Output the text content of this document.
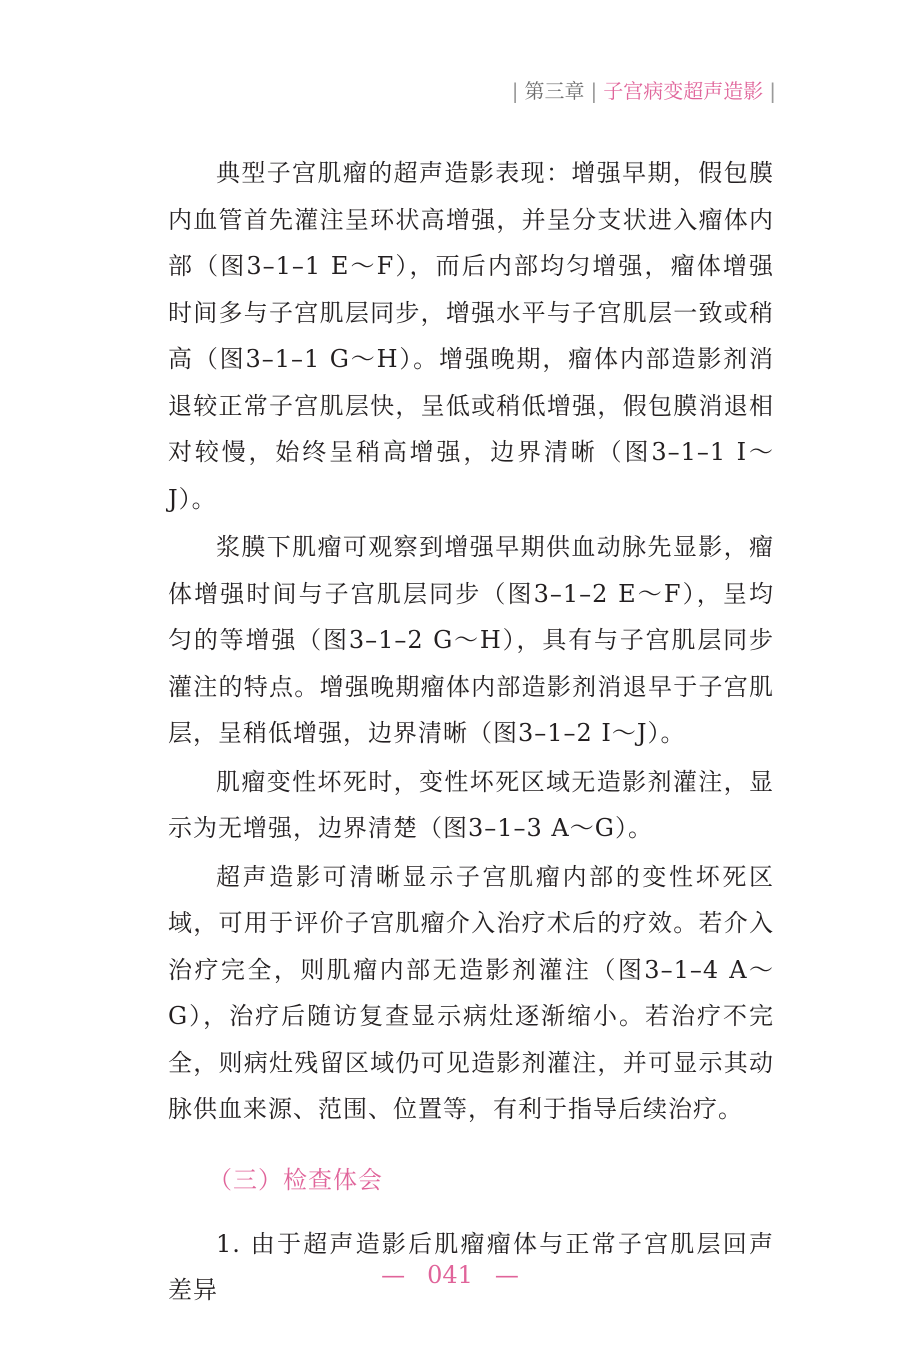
| 第三章 | 子宫病变超声造影 |

典型子宫肌瘤的超声造影表现：增强早期，假包膜内血管首先灌注呈环状高增强，并呈分支状进入瘤体内部（图3–1–1 E～F），而后内部均匀增强，瘤体增强时间多与子宫肌层同步，增强水平与子宫肌层一致或稍高（图3–1–1 G～H）。增强晚期，瘤体内部造影剂消退较正常子宫肌层快，呈低或稍低增强，假包膜消退相对较慢，始终呈稍高增强，边界清晰（图3–1–1 I～J）。

浆膜下肌瘤可观察到增强早期供血动脉先显影，瘤体增强时间与子宫肌层同步（图3–1–2 E～F），呈均匀的等增强（图3–1–2 G～H），具有与子宫肌层同步灌注的特点。增强晚期瘤体内部造影剂消退早于子宫肌层，呈稍低增强，边界清晰（图3–1–2 I～J）。

肌瘤变性坏死时，变性坏死区域无造影剂灌注，显示为无增强，边界清楚（图3–1–3 A～G）。

超声造影可清晰显示子宫肌瘤内部的变性坏死区域，可用于评价子宫肌瘤介入治疗术后的疗效。若介入治疗完全，则肌瘤内部无造影剂灌注（图3–1–4 A～G），治疗后随访复查显示病灶逐渐缩小。若治疗不完全，则病灶残留区域仍可见造影剂灌注，并可显示其动脉供血来源、范围、位置等，有利于指导后续治疗。

（三）检查体会

1. 由于超声造影后肌瘤瘤体与正常子宫肌层回声差异

— 041 —
